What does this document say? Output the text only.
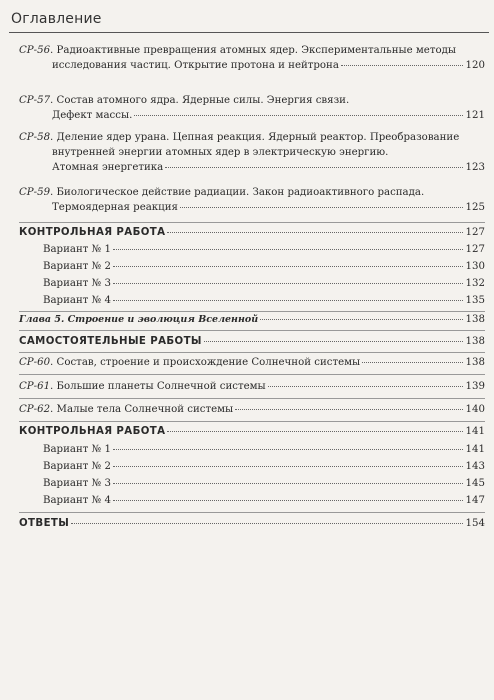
Оглавление
СР-56.
Радиоактивные превращения атомных ядер. Экспериментальные методы
исследования частиц. Открытие протона и нейтрона	120
СР-57.
Состав атомного ядра. Ядерные силы. Энергия связи.
Дефект массы.	121
СР-58.
Деление ядер урана. Цепная реакция. Ядерный реактор. Преобразование
внутренней энергии атомных ядер в электрическую энергию.
Атомная энергетика	123
СР-59.
Биологическое действие радиации. Закон радиоактивного распада.
Термоядерная реакция	125
КОНТРОЛЬНАЯ РАБОТА	127
Вариант № 1	127
Вариант № 2	130
Вариант № 3	132
Вариант № 4	135
Глава 5. Строение и эволюция Вселенной	138
САМОСТОЯТЕЛЬНЫЕ РАБОТЫ	138
СР-60.
Состав, строение и происхождение Солнечной системы	138
СР-61.
Большие планеты Солнечной системы	139
СР-62.
Малые тела Солнечной системы	140
КОНТРОЛЬНАЯ РАБОТА	141
Вариант № 1	141
Вариант № 2	143
Вариант № 3	145
Вариант № 4	147
ОТВЕТЫ	154
